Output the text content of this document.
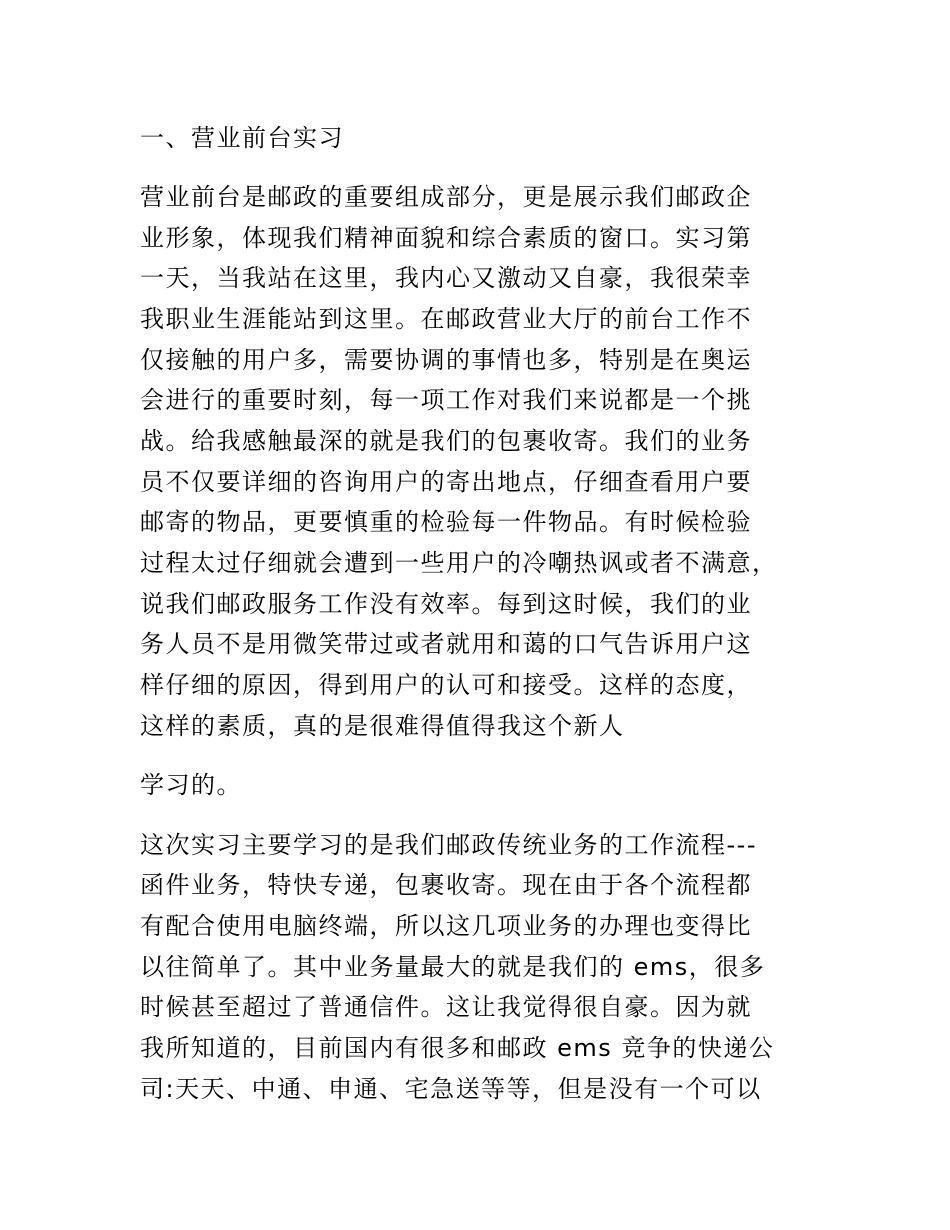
一、营业前台实习

营业前台是邮政的重要组成部分，更是展示我们邮政企

业形象，体现我们精神面貌和综合素质的窗口。实习第

一天，当我站在这里，我内心又激动又自豪，我很荣幸

我职业生涯能站到这里。在邮政营业大厅的前台工作不

仅接触的用户多，需要协调的事情也多，特别是在奥运

会进行的重要时刻，每一项工作对我们来说都是一个挑

战。给我感触最深的就是我们的包裹收寄。我们的业务

员不仅要详细的咨询用户的寄出地点，仔细查看用户要

邮寄的物品，更要慎重的检验每一件物品。有时候检验

过程太过仔细就会遭到一些用户的冷嘲热讽或者不满意，

说我们邮政服务工作没有效率。每到这时候，我们的业

务人员不是用微笑带过或者就用和蔼的口气告诉用户这

样仔细的原因，得到用户的认可和接受。这样的态度，

这样的素质，真的是很难得值得我这个新人

学习的。

这次实习主要学习的是我们邮政传统业务的工作流程---

函件业务，特快专递，包裹收寄。现在由于各个流程都

有配合使用电脑终端，所以这几项业务的办理也变得比

以往简单了。其中业务量最大的就是我们的 ems，很多

时候甚至超过了普通信件。这让我觉得很自豪。因为就

我所知道的，目前国内有很多和邮政 ems 竞争的快递公

司:天天、中通、申通、宅急送等等，但是没有一个可以
